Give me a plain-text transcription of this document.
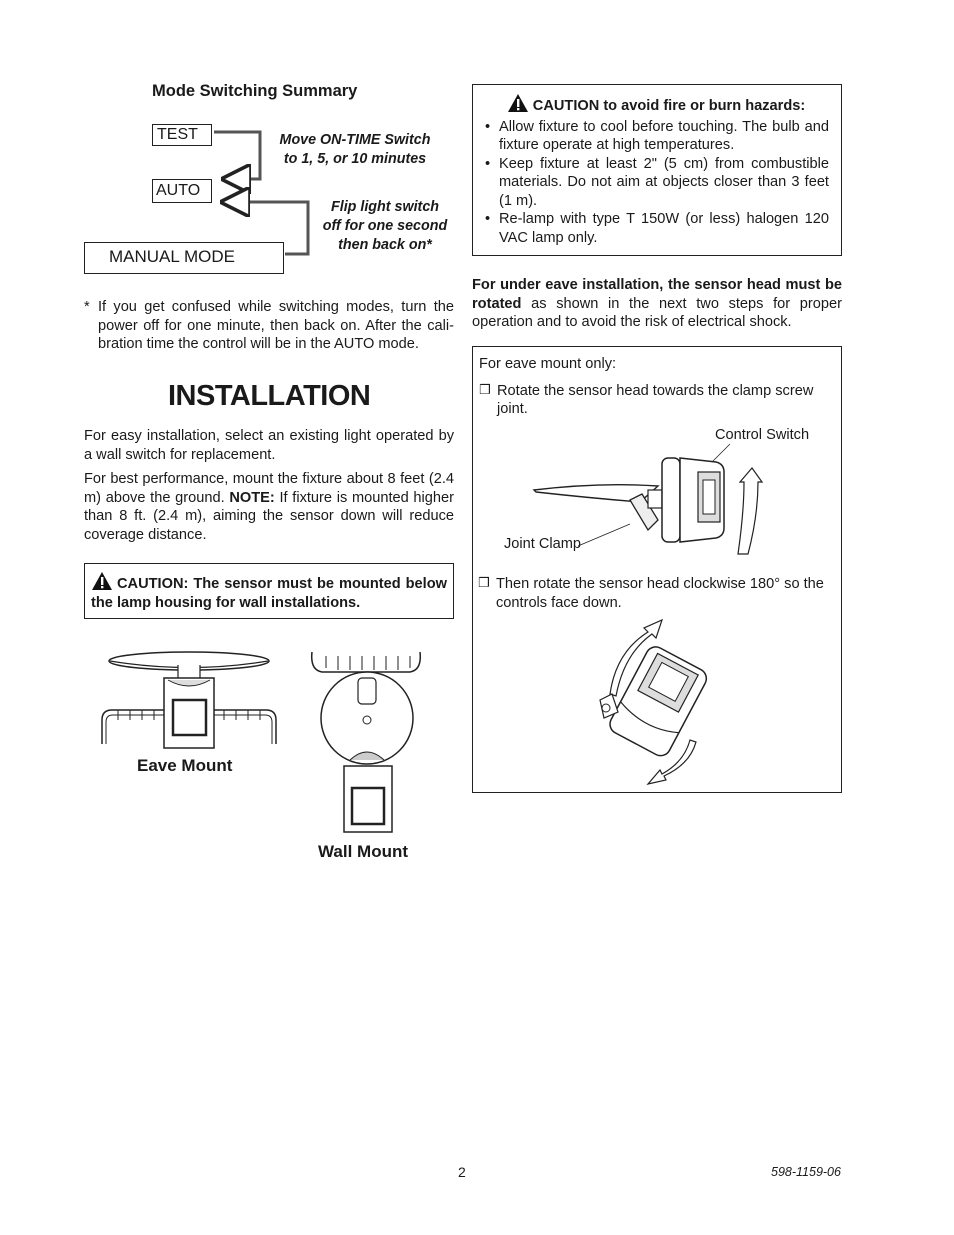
Mode Switching Summary
TEST
AUTO
MANUAL MODE
Move ON-TIME Switch
to 1, 5, or 10 minutes
Flip light switch
off for one second
then back on*
* If you get confused while switching modes, turn the power off for one minute, then back on. After the cali-bration time the control will be in the AUTO mode.
INSTALLATION
For easy installation, select an existing light operated by a wall switch for replacement.
For best performance, mount the fixture about 8 feet (2.4 m) above the ground. NOTE: If fixture is mounted higher than 8 ft. (2.4 m), aiming the sensor down will reduce coverage distance.
CAUTION: The sensor must be mounted below the lamp housing for wall installations.
Eave Mount
Wall Mount
CAUTION to avoid fire or burn hazards:
• Allow fixture to cool before touching. The bulb and fixture operate at high temperatures.
• Keep fixture at least 2" (5 cm) from combustible materials. Do not aim at objects closer than 3 feet (1 m).
• Re-lamp with type T 150W (or less) halogen 120 VAC lamp only.
For under eave installation, the sensor head must be rotated as shown in the next two steps for proper operation and to avoid the risk of electrical shock.
For eave mount only:
❒ Rotate the sensor head towards the clamp screw joint.
Control Switch
Joint Clamp
❒ Then rotate the sensor head clockwise 180° so the controls face down.
2	598-1159-06
